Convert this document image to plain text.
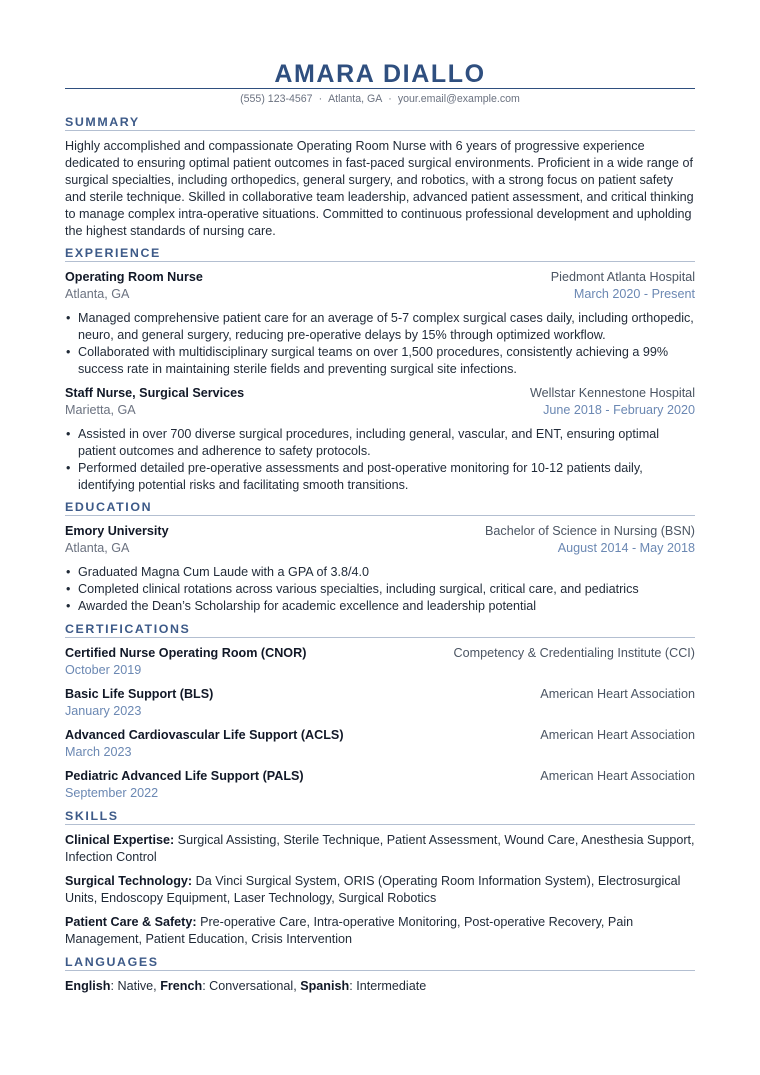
AMARA DIALLO
(555) 123-4567 · Atlanta, GA · your.email@example.com
SUMMARY
Highly accomplished and compassionate Operating Room Nurse with 6 years of progressive experience dedicated to ensuring optimal patient outcomes in fast-paced surgical environments. Proficient in a wide range of surgical specialties, including orthopedics, general surgery, and robotics, with a strong focus on patient safety and sterile technique. Skilled in collaborative team leadership, advanced patient assessment, and critical thinking to manage complex intra-operative situations. Committed to continuous professional development and upholding the highest standards of nursing care.
EXPERIENCE
Operating Room Nurse	Piedmont Atlanta Hospital
Atlanta, GA	March 2020 - Present
• Managed comprehensive patient care for an average of 5-7 complex surgical cases daily, including orthopedic, neuro, and general surgery, reducing pre-operative delays by 15% through optimized workflow.
• Collaborated with multidisciplinary surgical teams on over 1,500 procedures, consistently achieving a 99% success rate in maintaining sterile fields and preventing surgical site infections.
Staff Nurse, Surgical Services	Wellstar Kennestone Hospital
Marietta, GA	June 2018 - February 2020
• Assisted in over 700 diverse surgical procedures, including general, vascular, and ENT, ensuring optimal patient outcomes and adherence to safety protocols.
• Performed detailed pre-operative assessments and post-operative monitoring for 10-12 patients daily, identifying potential risks and facilitating smooth transitions.
EDUCATION
Emory University	Bachelor of Science in Nursing (BSN)
Atlanta, GA	August 2014 - May 2018
• Graduated Magna Cum Laude with a GPA of 3.8/4.0
• Completed clinical rotations across various specialties, including surgical, critical care, and pediatrics
• Awarded the Dean’s Scholarship for academic excellence and leadership potential
CERTIFICATIONS
Certified Nurse Operating Room (CNOR)	Competency & Credentialing Institute (CCI)
October 2019
Basic Life Support (BLS)	American Heart Association
January 2023
Advanced Cardiovascular Life Support (ACLS)	American Heart Association
March 2023
Pediatric Advanced Life Support (PALS)	American Heart Association
September 2022
SKILLS
Clinical Expertise: Surgical Assisting, Sterile Technique, Patient Assessment, Wound Care, Anesthesia Support, Infection Control
Surgical Technology: Da Vinci Surgical System, ORIS (Operating Room Information System), Electrosurgical Units, Endoscopy Equipment, Laser Technology, Surgical Robotics
Patient Care & Safety: Pre-operative Care, Intra-operative Monitoring, Post-operative Recovery, Pain Management, Patient Education, Crisis Intervention
LANGUAGES
English: Native, French: Conversational, Spanish: Intermediate
